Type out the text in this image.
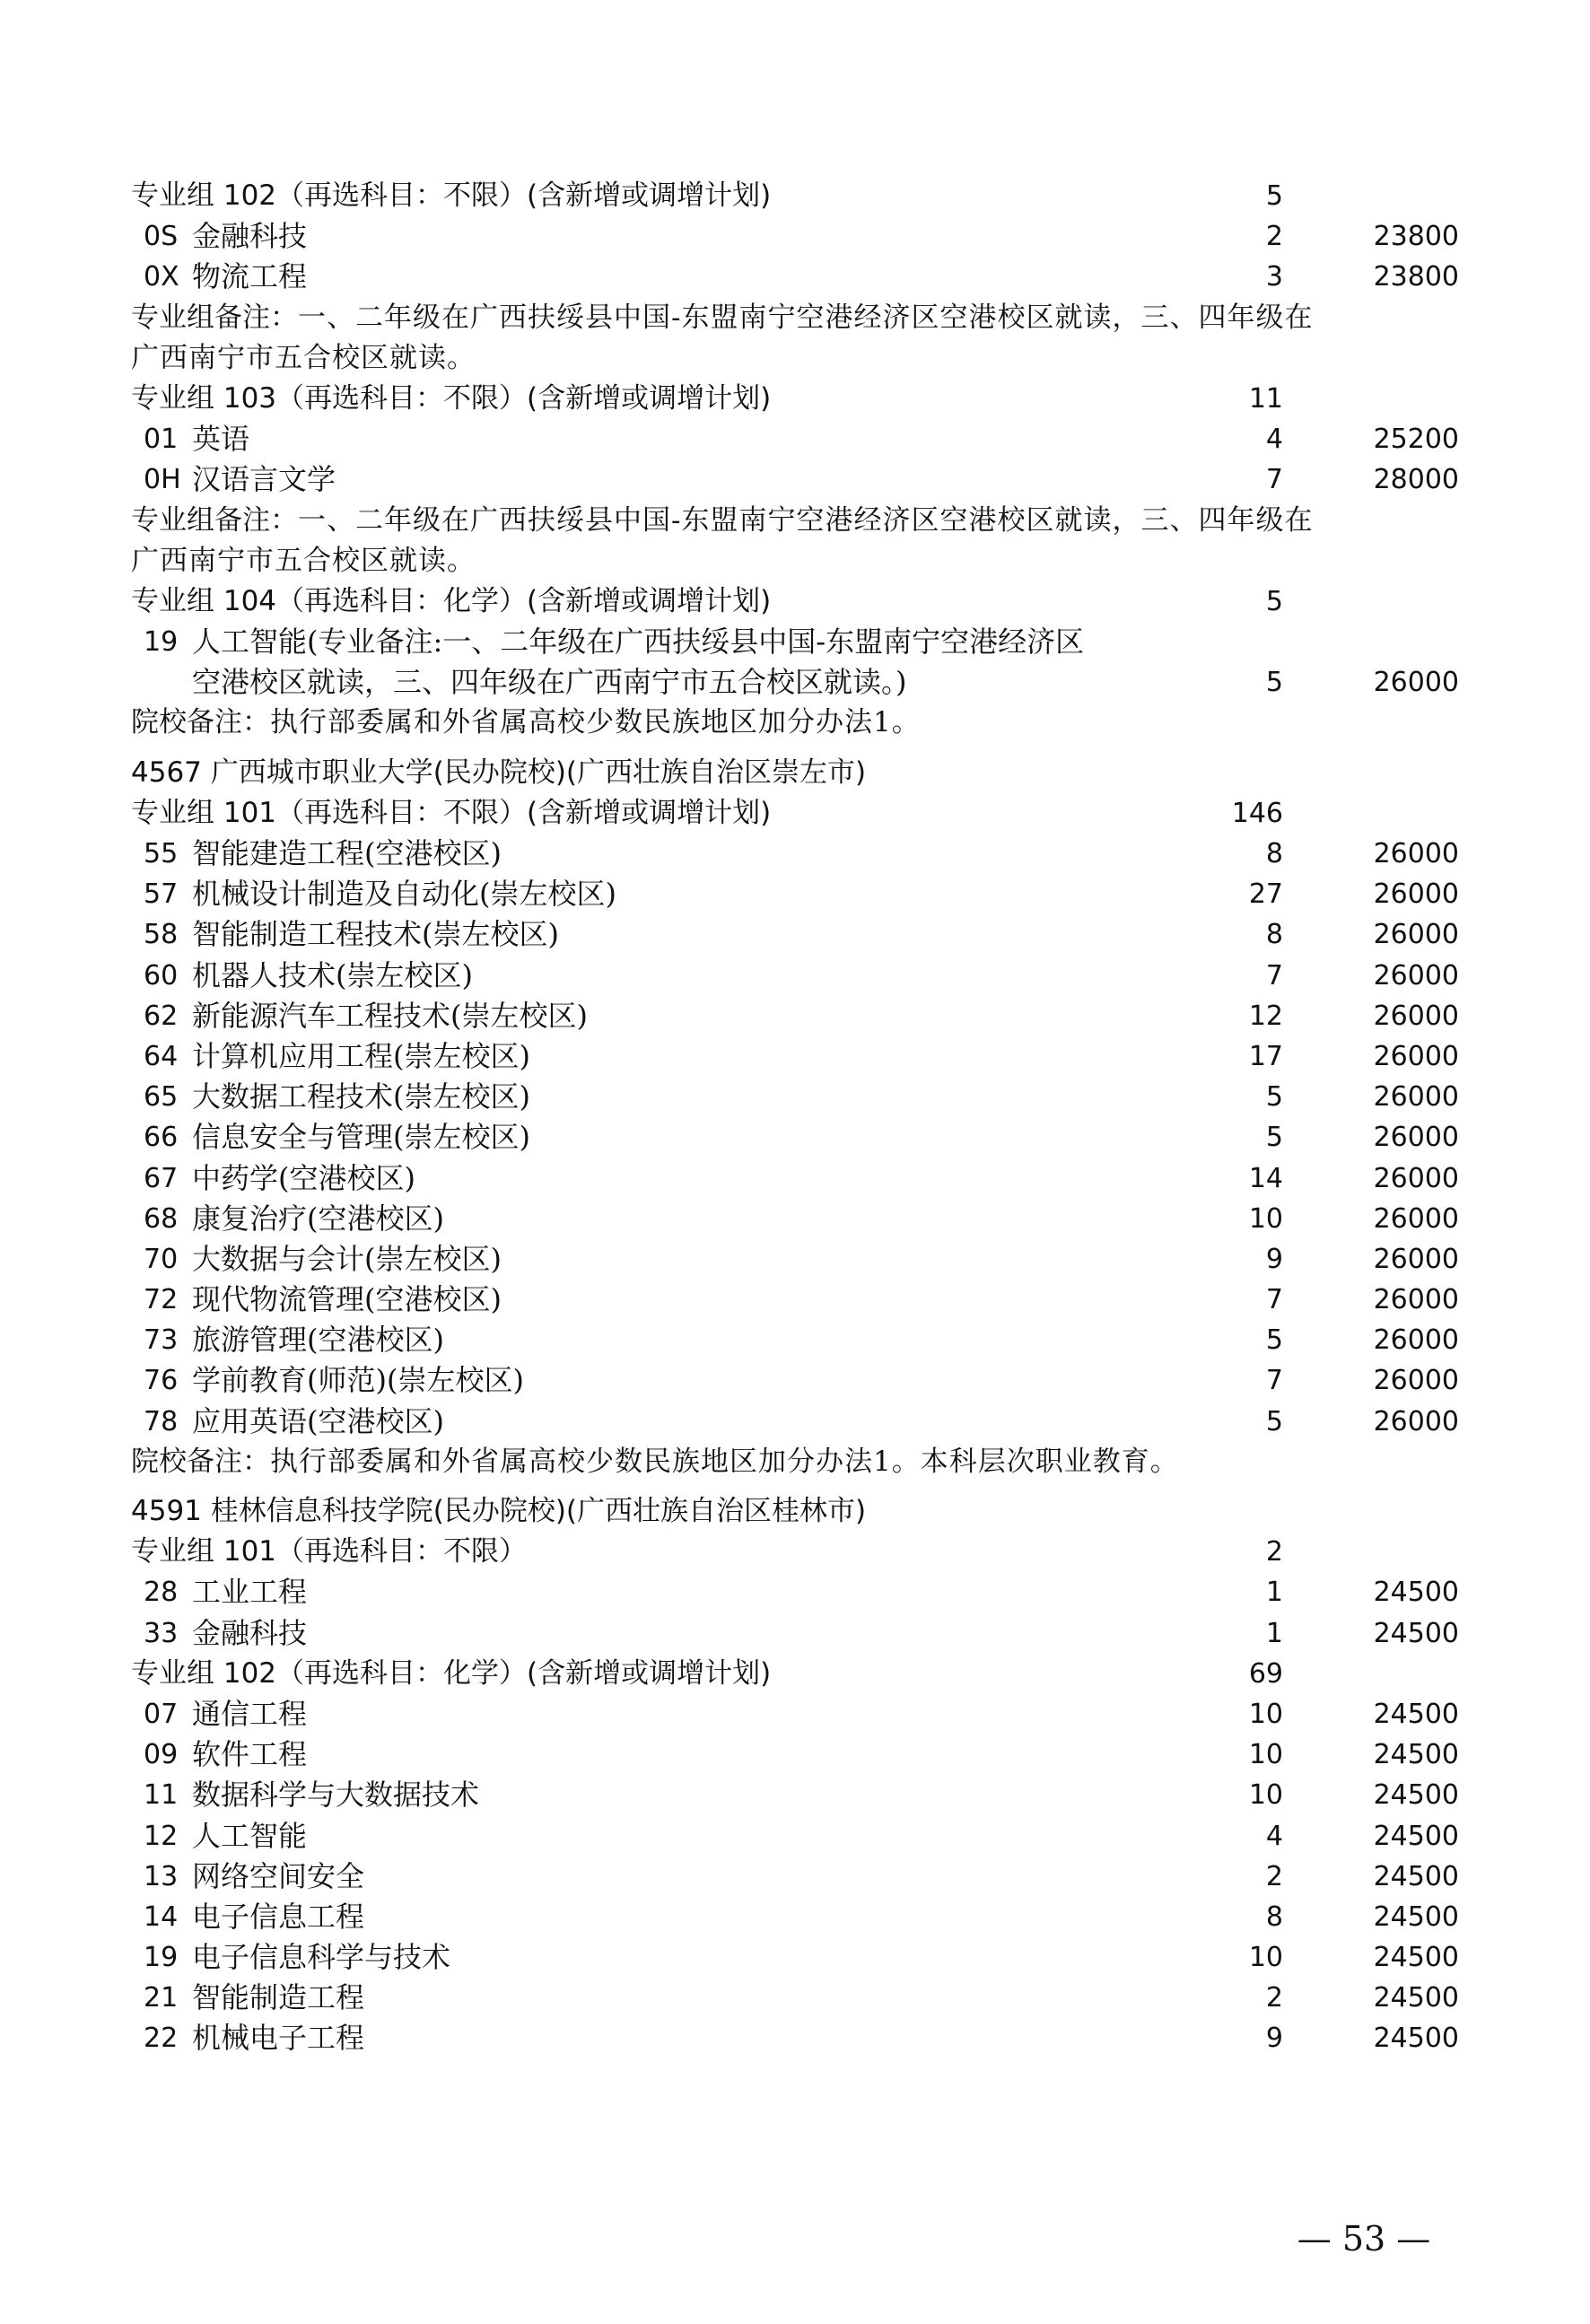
专业组 102（再选科目：不限）(含新增或调增计划)	5
0S 金融科技	2	23800
0X 物流工程	3	23800
专业组备注：一、二年级在广西扶绥县中国-东盟南宁空港经济区空港校区就读，三、四年级在
广西南宁市五合校区就读。
专业组 103（再选科目：不限）(含新增或调增计划)	11
01 英语	4	25200
0H 汉语言文学	7	28000
专业组备注：一、二年级在广西扶绥县中国-东盟南宁空港经济区空港校区就读，三、四年级在
广西南宁市五合校区就读。
专业组 104（再选科目：化学）(含新增或调增计划)	5
19 人工智能(专业备注:一、二年级在广西扶绥县中国-东盟南宁空港经济区
空港校区就读，三、四年级在广西南宁市五合校区就读。)	5	26000
院校备注：执行部委属和外省属高校少数民族地区加分办法1。
4567 广西城市职业大学(民办院校)(广西壮族自治区崇左市)
专业组 101（再选科目：不限）(含新增或调增计划)	146
55 智能建造工程(空港校区)	8	26000
57 机械设计制造及自动化(崇左校区)	27	26000
58 智能制造工程技术(崇左校区)	8	26000
60 机器人技术(崇左校区)	7	26000
62 新能源汽车工程技术(崇左校区)	12	26000
64 计算机应用工程(崇左校区)	17	26000
65 大数据工程技术(崇左校区)	5	26000
66 信息安全与管理(崇左校区)	5	26000
67 中药学(空港校区)	14	26000
68 康复治疗(空港校区)	10	26000
70 大数据与会计(崇左校区)	9	26000
72 现代物流管理(空港校区)	7	26000
73 旅游管理(空港校区)	5	26000
76 学前教育(师范)(崇左校区)	7	26000
78 应用英语(空港校区)	5	26000
院校备注：执行部委属和外省属高校少数民族地区加分办法1。本科层次职业教育。
4591 桂林信息科技学院(民办院校)(广西壮族自治区桂林市)
专业组 101（再选科目：不限）	2
28 工业工程	1	24500
33 金融科技	1	24500
专业组 102（再选科目：化学）(含新增或调增计划)	69
07 通信工程	10	24500
09 软件工程	10	24500
11 数据科学与大数据技术	10	24500
12 人工智能	4	24500
13 网络空间安全	2	24500
14 电子信息工程	8	24500
19 电子信息科学与技术	10	24500
21 智能制造工程	2	24500
22 机械电子工程	9	24500
— 53 —
